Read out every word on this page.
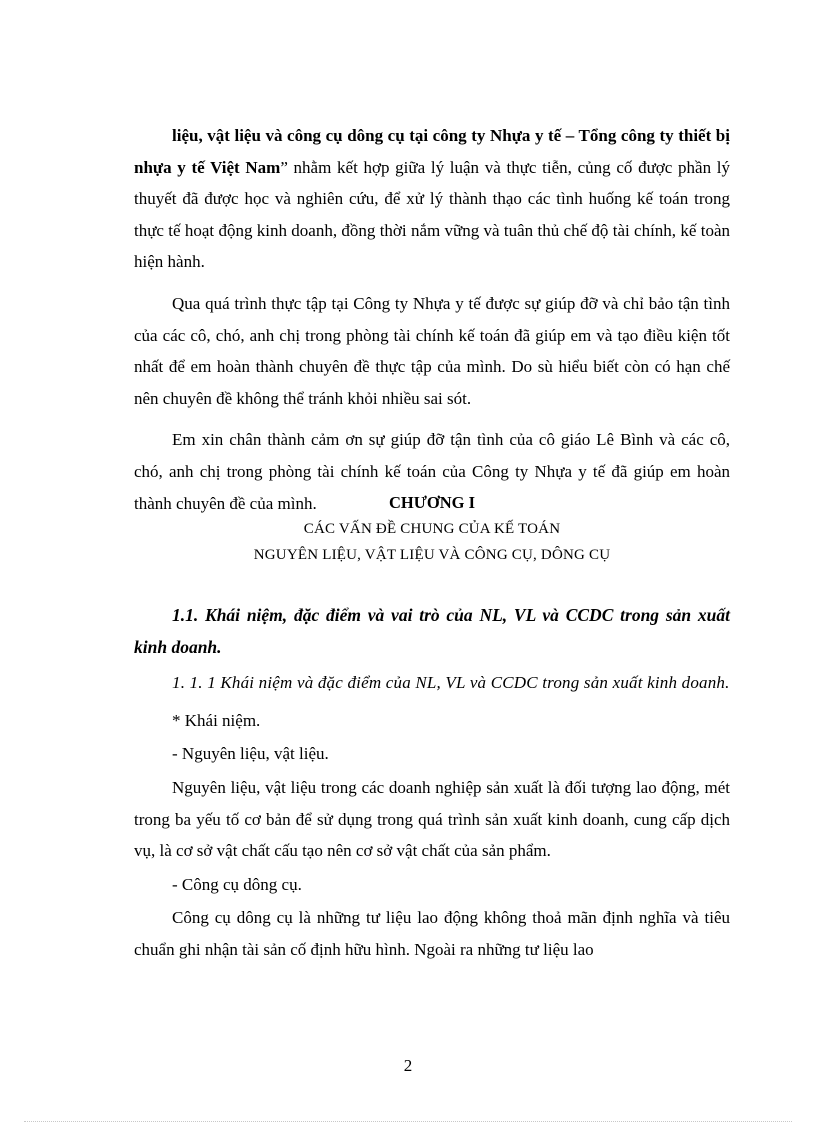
liệu, vật liệu và công cụ dông cụ tại công ty Nhựa y tế – Tổng công ty thiết bị nhựa y tế Việt Nam” nhằm kết hợp giữa lý luận và thực tiễn, củng cố được phần lý thuyết đã được học và nghiên cứu, để xử lý thành thạo các tình huống kế toán trong thực tế hoạt động kinh doanh, đồng thời nắm vững và tuân thủ chế độ tài chính, kế toàn hiện hành.

Qua quá trình thực tập tại Công ty Nhựa y tế được sự giúp đỡ và chỉ bảo tận tình của các cô, chó, anh chị trong phòng tài chính kế toán đã giúp em và tạo điều kiện tốt nhất để em hoàn thành chuyên đề thực tập của mình. Do sù hiểu biết còn có hạn chế nên chuyên đề không thể tránh khỏi nhiều sai sót.

Em xin chân thành cảm ơn sự giúp đỡ tận tình của cô giáo Lê Bình và các cô, chó, anh chị trong phòng tài chính kế toán của Công ty Nhựa y tế đã giúp em hoàn thành chuyên đề của mình.	CHƯƠNG I

CÁC VẤN ĐỀ CHUNG CỦA KẾ TOÁN

NGUYÊN LIỆU, VẬT LIỆU VÀ CÔNG CỤ, DÔNG CỤ

1.1. Khái niệm, đặc điểm và vai trò của NL, VL và CCDC trong sản xuất kinh doanh.

1. 1. 1 Khái niệm và đặc điểm của NL, VL và CCDC trong sản xuất kinh doanh.

* Khái niệm.

- Nguyên liệu, vật liệu.

Nguyên liệu, vật liệu trong các doanh nghiệp sản xuất là đối tượng lao động, mét trong ba yếu tố cơ bản để sử dụng trong quá trình sản xuất kinh doanh, cung cấp dịch vụ, là cơ sở vật chất cấu tạo nên cơ sở vật chất của sản phẩm.

- Công cụ dông cụ.

Công cụ dông cụ là những tư liệu lao động không thoả mãn định nghĩa và tiêu chuẩn ghi nhận tài sản cố định hữu hình. Ngoài ra những tư liệu lao

2
